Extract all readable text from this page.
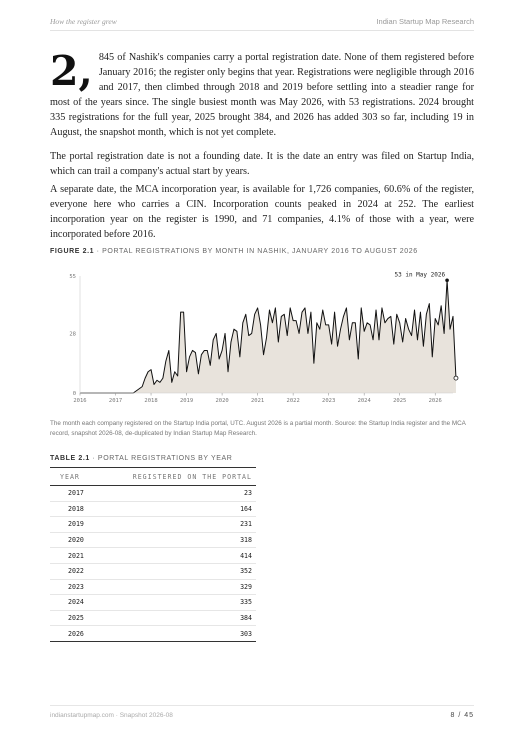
How the register grew	Indian Startup Map Research

2, 845 of Nashik's companies carry a portal registration date. None of them registered before January 2016; the register only begins that year. Registrations were negligible through 2016 and 2017, then climbed through 2018 and 2019 before settling into a steadier range for most of the years since. The single busiest month was May 2026, with 53 registrations. 2024 brought 335 registrations for the full year, 2025 brought 384, and 2026 has added 303 so far, including 19 in August, the snapshot month, which is not yet complete.

The portal registration date is not a founding date. It is the date an entry was filed on Startup India, which can trail a company's actual start by years.

A separate date, the MCA incorporation year, is available for 1,726 companies, 60.6% of the register, everyone here who carries a CIN. Incorporation counts peaked in 2024 at 252. The earliest incorporation year on the register is 1990, and 71 companies, 4.1% of those with a year, were incorporated before 2016.

FIGURE 2.1 · PORTAL REGISTRATIONS BY MONTH IN NASHIK, JANUARY 2016 TO AUGUST 2026
0
28
55
2016	2017	2018	2019	2020	2021	2022	2023	2024	2025	2026
53 in May 2026
The month each company registered on the Startup India portal, UTC. August 2026 is a partial month. Source: the Startup India register and the MCA record, snapshot 2026-08, de-duplicated by Indian Startup Map Research.
TABLE 2.1 · PORTAL REGISTRATIONS BY YEAR
YEAR	REGISTERED ON THE PORTAL
2017	23
2018	164
2019	231
2020	318
2021	414
2022	352
2023	329
2024	335
2025	384
2026	303
indianstartupmap.com · Snapshot 2026-08	8 / 45
